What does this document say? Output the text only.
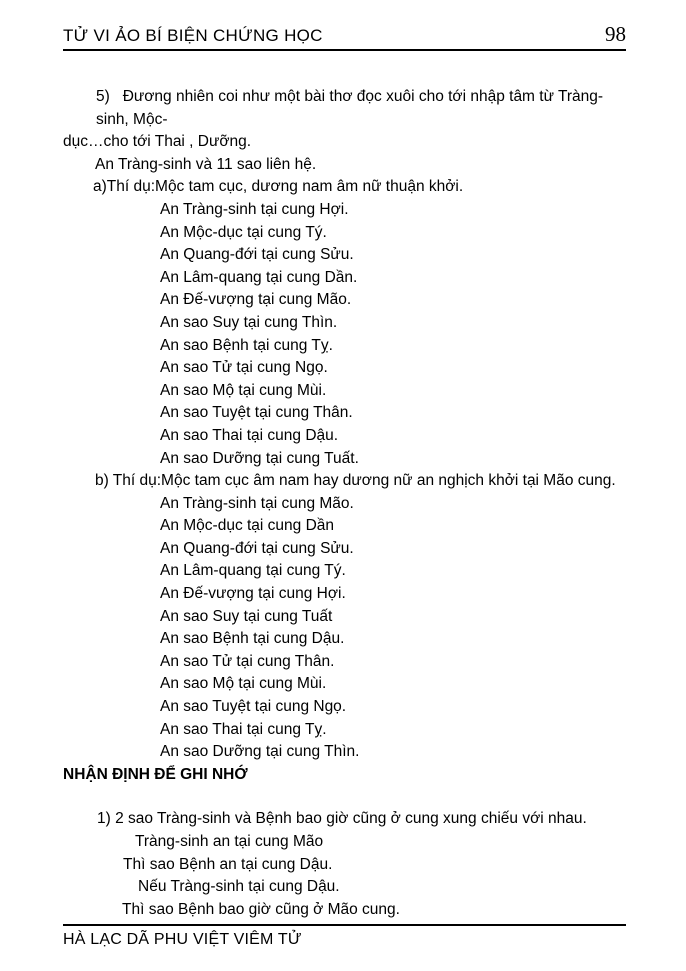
TỬ VI ẢO BÍ BIỆN CHỨNG HỌC	98
5)   Đương nhiên coi như một bài thơ đọc xuôi cho tới nhập tâm từ Tràng-sinh, Mộc-
dục…cho tới Thai , Dưỡng.
An Tràng-sinh và 11 sao liên hệ.
a)Thí dụ:Mộc tam cục, dương nam âm nữ thuận khởi.
An Tràng-sinh tại cung Hợi.
An Mộc-dục tại cung Tý.
An Quang-đới tại cung Sửu.
An Lâm-quang tại cung Dần.
An Đế-vượng tại cung Mão.
An sao Suy tại cung Thìn.
An sao Bệnh tại cung Tỵ.
An sao Tử tại cung Ngọ.
An sao Mộ tại cung Mùi.
An sao Tuyệt tại cung Thân.
An sao Thai tại cung Dậu.
An sao Dưỡng tại cung Tuất.
b) Thí dụ:Mộc tam cục âm nam hay dương nữ an nghịch khởi tại Mão cung.
An Tràng-sinh tại cung Mão.
An Mộc-dục tại cung Dần
An Quang-đới tại cung Sửu.
An Lâm-quang tại cung Tý.
An Đế-vượng tại cung Hợi.
An sao Suy tại cung Tuất
An sao Bệnh tại cung Dậu.
An sao Tử tại cung Thân.
An sao Mộ tại cung Mùi.
An sao Tuyệt tại cung Ngọ.
An sao Thai tại cung Tỵ.
An sao Dưỡng tại cung Thìn.
NHẬN ĐỊNH ĐỂ GHI NHỚ
1) 2 sao Tràng-sinh và Bệnh bao giờ cũng ở cung xung chiếu với nhau.
Tràng-sinh an tại cung Mão
Thì sao Bệnh an tại cung Dậu.
Nếu Tràng-sinh tại cung Dậu.
Thì sao Bệnh bao giờ cũng ở Mão cung.
HÀ LẠC DÃ PHU VIỆT VIÊM TỬ
